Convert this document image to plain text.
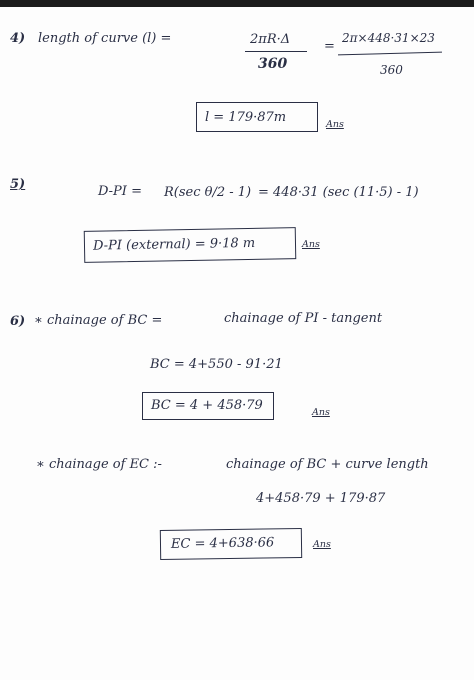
4) length of curve (l) =	2πR·Δ
360
=
2π×448·31×23
360
l = 179·87m	Ans
5)	D-PI = R(sec θ/2 - 1) = 448·31 (sec (11·5) - 1)
D-PI (external) = 9·18 m	Ans
6) ∗ chainage of BC =	chainage of PI - tangent
BC = 4+550 - 91·21
BC = 4 + 458·79	Ans
∗ chainage of EC :-	chainage of BC + curve length
4+458·79 + 179·87
EC = 4+638·66	Ans
